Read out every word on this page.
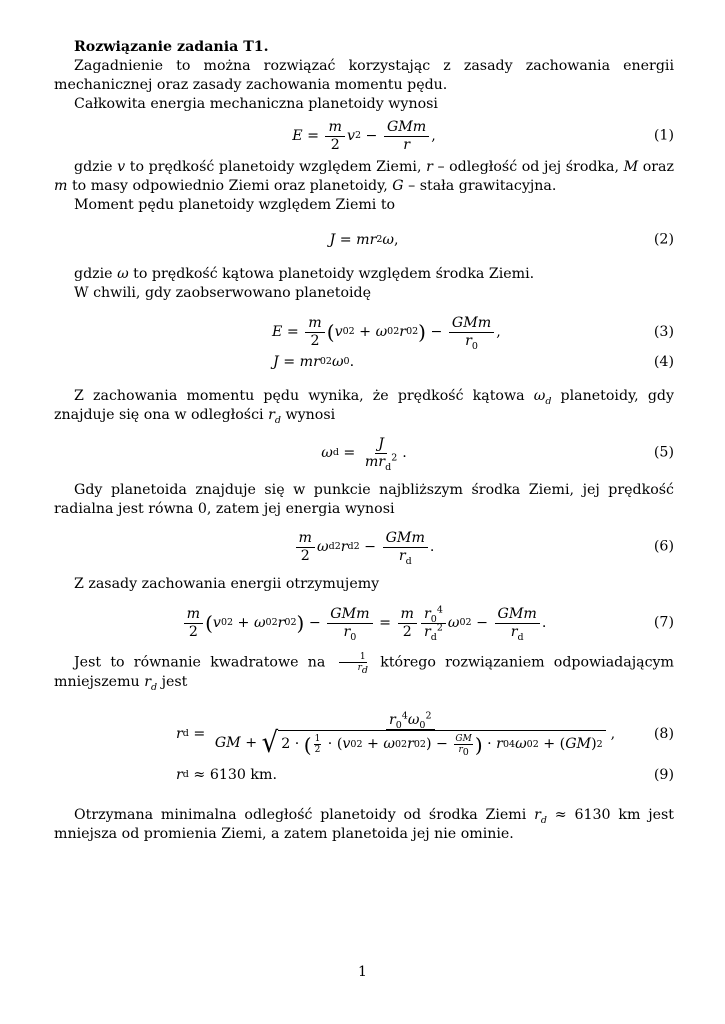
Rozwiązanie zadania T1.

Zagadnienie to można rozwiązać korzystając z zasady zachowania energii mechanicznej oraz zasady zachowania momentu pędu.

Całkowita energia mechaniczna planetoidy wynosi

$E = \frac{m}{2}$ v $2 - \frac{\text{GMm}}{r}$ ,	(1)

gdzie v to prędkość planetoidy względem Ziemi, r – odległość od jej środka, M oraz m to masy odpowiednio Ziemi oraz planetoidy, G – stała grawitacyjna.

Moment pędu planetoidy względem Ziemi to

J = mr 2 ω ,	(2)

gdzie ω to prędkość kątowa planetoidy względem środka Ziemi.

W chwili, gdy zaobserwowano planetoidę

$E = \frac{m}{2}$ ( v 0 2 + ω 0 2 r 0 2 ) − $\frac{\text{GMm}}{r_0}$ ,	(3)
J = mr 0 2 ω 0 .	(4)

Z zachowania momentu pędu wynika, że prędkość kątowa $\omega_d$ planetoidy, gdy znajduje się ona w odległości $r_d$ wynosi

ω $d = \frac{J}{mr_d^2}$ .	(5)

Gdy planetoida znajduje się w punkcie najbliższym środka Ziemi, jej prędkość radialna jest równa 0, zatem jej energia wynosi

$\frac{m}{2}$ ω d 2 r d $2 - \frac{\text{GMm}}{r_d}$ .	(6)

Z zasady zachowania energii otrzymujemy

$\frac{m}{2}$ ( v 0 2 + ω 0 2 r 0 2 ) − $\frac{\text{GMm}}{r_0} = \frac{m}{2} \frac{r_0^4}{r_d^2}$ ω 0 $2 - \frac{\text{GMm}}{r_d}$ .	(7)

Jest to równanie kwadratowe na $\frac{1}{r_d}$ którego rozwiązaniem odpowiadającym mniejszemu $r_d$ jest

r d =
$r_0^4\omega_0^2$
GM + √ 2 · ( $\frac{1}{2}$ · ( v 0 2 + ω 0 2 r 0 2 ) − $\frac{GM}{r_0}$ ) · r 0 4 ω 0 2 + ( GM ) 2
,	(8)
r d ≈ 6130 km .	(9)

Otrzymana minimalna odległość planetoidy od środka Ziemi $r_d \approx 6130$ km jest mniejsza od promienia Ziemi, a zatem planetoida jej nie ominie.

1
